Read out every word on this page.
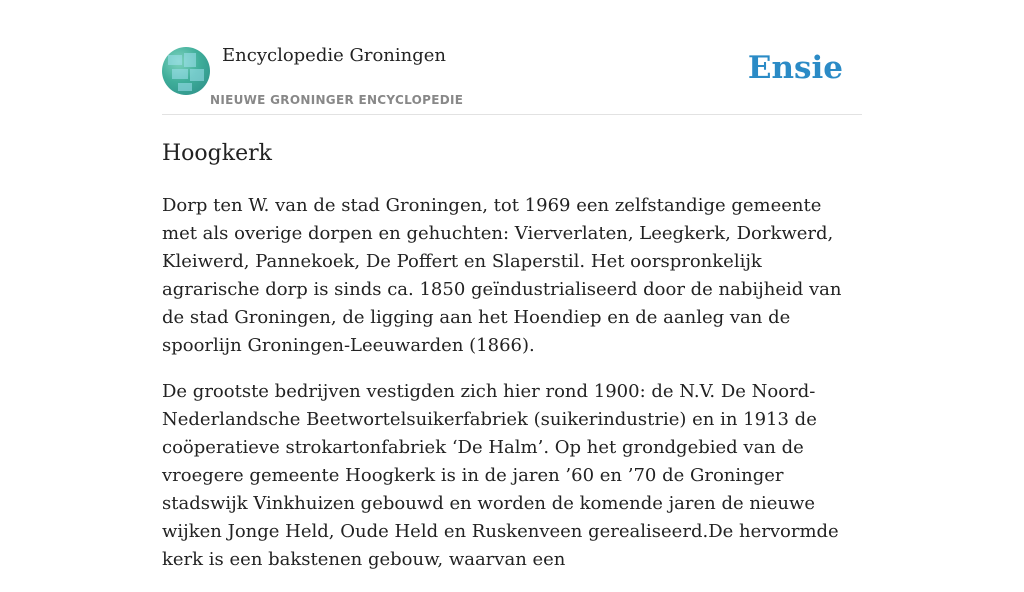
Encyclopedie Groningen
NIEUWE GRONINGER ENCYCLOPEDIE
Ensie
Hoogkerk

Dorp ten W. van de stad Groningen, tot 1969 een zelfstandige gemeente met als overige dorpen en gehuchten: Vierverlaten, Leegkerk, Dorkwerd, Kleiwerd, Pannekoek, De Poffert en Slaperstil. Het oorspronkelijk agrarische dorp is sinds ca. 1850 geïndustrialiseerd door de nabijheid van de stad Groningen, de ligging aan het Hoendiep en de aanleg van de spoorlijn Groningen-Leeuwarden (1866).

De grootste bedrijven vestigden zich hier rond 1900: de N.V. De Noord-Nederlandsche Beetwortelsuikerfabriek (suikerindustrie) en in 1913 de coöperatieve strokartonfabriek ‘De Halm’. Op het grondgebied van de vroegere gemeente Hoogkerk is in de jaren ’60 en ’70 de Groninger stadswijk Vinkhuizen gebouwd en worden de komende jaren de nieuwe wijken Jonge Held, Oude Held en Ruskenveen gerealiseerd.De hervormde kerk is een bakstenen gebouw, waarvan een
